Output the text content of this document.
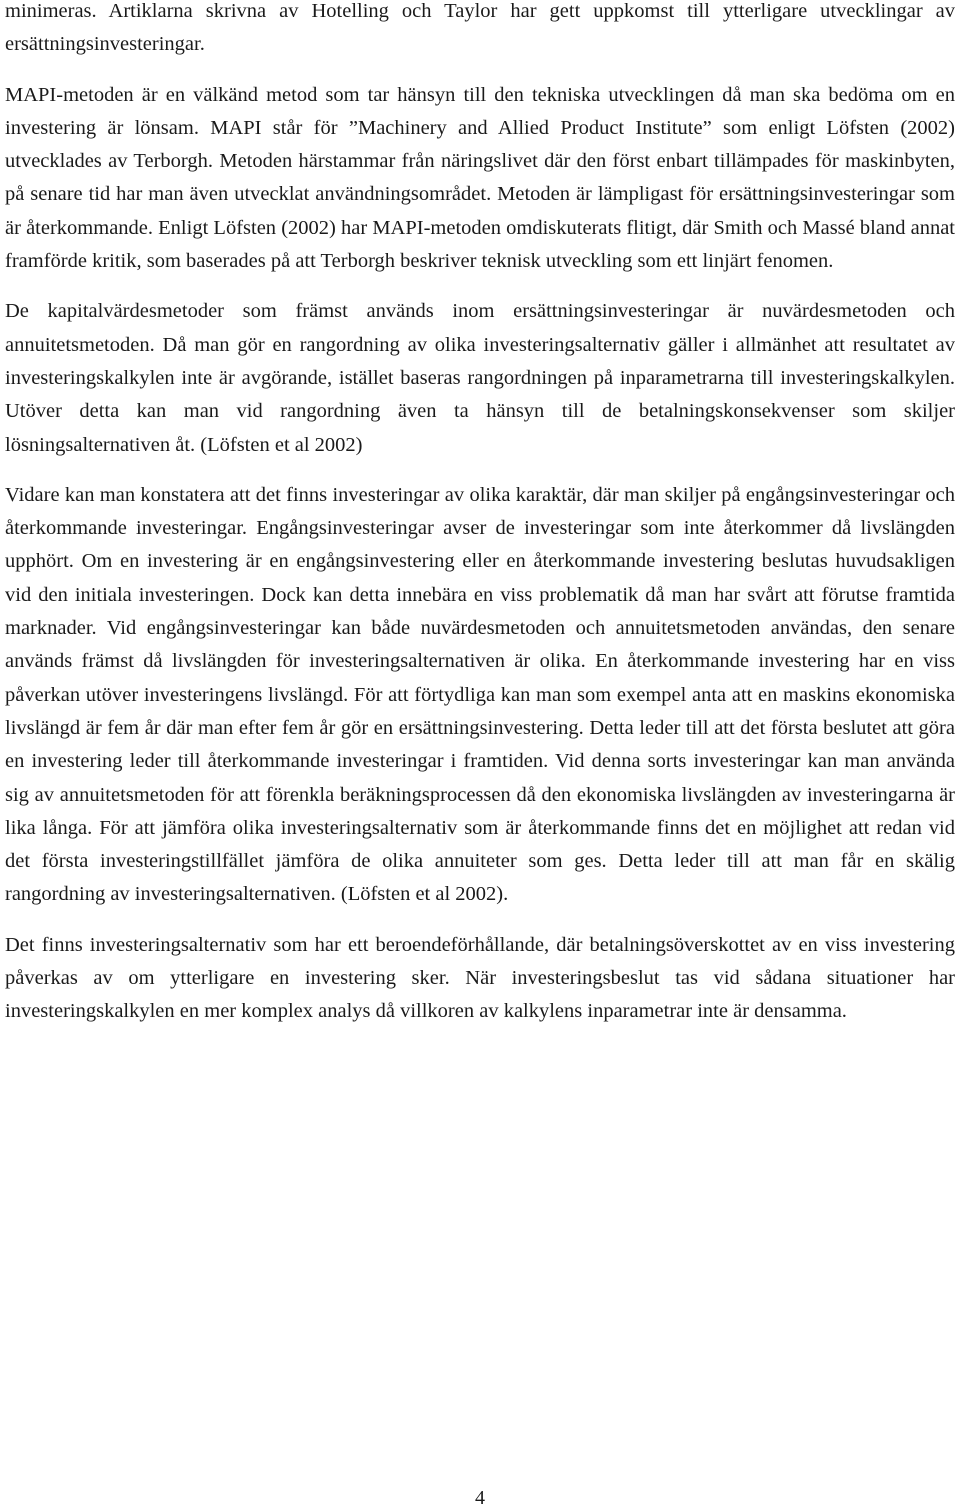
minimeras. Artiklarna skrivna av Hotelling och Taylor har gett uppkomst till ytterligare utvecklingar av ersättningsinvesteringar.

MAPI-metoden är en välkänd metod som tar hänsyn till den tekniska utvecklingen då man ska bedöma om en investering är lönsam. MAPI står för ”Machinery and Allied Product Institute” som enligt Löfsten (2002) utvecklades av Terborgh. Metoden härstammar från näringslivet där den först enbart tillämpades för maskinbyten, på senare tid har man även utvecklat användningsområdet. Metoden är lämpligast för ersättningsinvesteringar som är återkommande. Enligt Löfsten (2002) har MAPI-metoden omdiskuterats flitigt, där Smith och Massé bland annat framförde kritik, som baserades på att Terborgh beskriver teknisk utveckling som ett linjärt fenomen.

De kapitalvärdesmetoder som främst används inom ersättningsinvesteringar är nuvärdesmetoden och annuitetsmetoden. Då man gör en rangordning av olika investeringsalternativ gäller i allmänhet att resultatet av investeringskalkylen inte är avgörande, istället baseras rangordningen på inparametrarna till investeringskalkylen. Utöver detta kan man vid rangordning även ta hänsyn till de betalningskonsekvenser som skiljer lösningsalternativen åt. (Löfsten et al 2002)

Vidare kan man konstatera att det finns investeringar av olika karaktär, där man skiljer på engångsinvesteringar och återkommande investeringar. Engångsinvesteringar avser de investeringar som inte återkommer då livslängden upphört. Om en investering är en engångsinvestering eller en återkommande investering beslutas huvudsakligen vid den initiala investeringen. Dock kan detta innebära en viss problematik då man har svårt att förutse framtida marknader. Vid engångsinvesteringar kan både nuvärdesmetoden och annuitetsmetoden användas, den senare används främst då livslängden för investeringsalternativen är olika. En återkommande investering har en viss påverkan utöver investeringens livslängd. För att förtydliga kan man som exempel anta att en maskins ekonomiska livslängd är fem år där man efter fem år gör en ersättningsinvestering. Detta leder till att det första beslutet att göra en investering leder till återkommande investeringar i framtiden. Vid denna sorts investeringar kan man använda sig av annuitetsmetoden för att förenkla beräkningsprocessen då den ekonomiska livslängden av investeringarna är lika långa. För att jämföra olika investeringsalternativ som är återkommande finns det en möjlighet att redan vid det första investeringstillfället jämföra de olika annuiteter som ges. Detta leder till att man får en skälig rangordning av investeringsalternativen. (Löfsten et al 2002).

Det finns investeringsalternativ som har ett beroendeförhållande, där betalningsöverskottet av en viss investering påverkas av om ytterligare en investering sker. När investeringsbeslut tas vid sådana situationer har investeringskalkylen en mer komplex analys då villkoren av kalkylens inparametrar inte är densamma.

4
